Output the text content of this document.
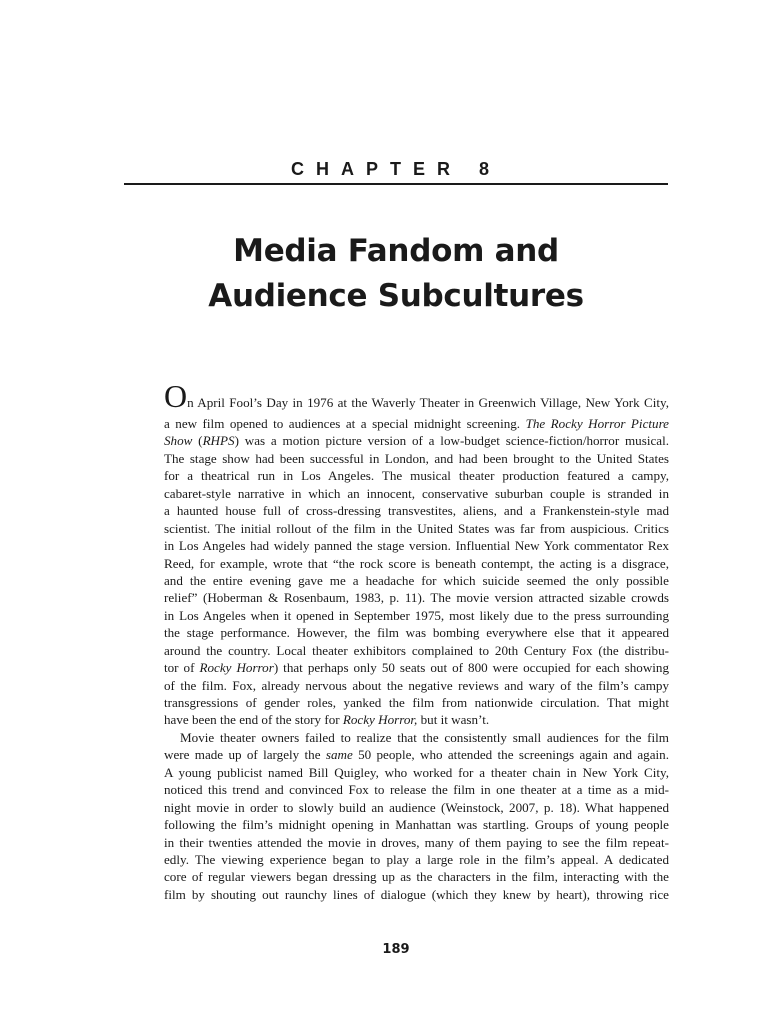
CHAPTER 8
Media Fandom and
Audience Subcultures
On April Fool’s Day in 1976 at the Waverly Theater in Greenwich Village, New York City,
a new film opened to audiences at a special midnight screening. The Rocky Horror Picture
Show (RHPS) was a motion picture version of a low-budget science-fiction/horror musical.
The stage show had been successful in London, and had been brought to the United States
for a theatrical run in Los Angeles. The musical theater production featured a campy,
cabaret-style narrative in which an innocent, conservative suburban couple is stranded in
a haunted house full of cross-dressing transvestites, aliens, and a Frankenstein-style mad
scientist. The initial rollout of the film in the United States was far from auspicious. Critics
in Los Angeles had widely panned the stage version. Influential New York commentator Rex
Reed, for example, wrote that “the rock score is beneath contempt, the acting is a disgrace,
and the entire evening gave me a headache for which suicide seemed the only possible
relief” (Hoberman & Rosenbaum, 1983, p. 11). The movie version attracted sizable crowds
in Los Angeles when it opened in September 1975, most likely due to the press surrounding
the stage performance. However, the film was bombing everywhere else that it appeared
around the country. Local theater exhibitors complained to 20th Century Fox (the distribu-
tor of Rocky Horror) that perhaps only 50 seats out of 800 were occupied for each showing
of the film. Fox, already nervous about the negative reviews and wary of the film’s campy
transgressions of gender roles, yanked the film from nationwide circulation. That might
have been the end of the story for Rocky Horror, but it wasn’t.
Movie theater owners failed to realize that the consistently small audiences for the film
were made up of largely the same 50 people, who attended the screenings again and again.
A young publicist named Bill Quigley, who worked for a theater chain in New York City,
noticed this trend and convinced Fox to release the film in one theater at a time as a mid-
night movie in order to slowly build an audience (Weinstock, 2007, p. 18). What happened
following the film’s midnight opening in Manhattan was startling. Groups of young people
in their twenties attended the movie in droves, many of them paying to see the film repeat-
edly. The viewing experience began to play a large role in the film’s appeal. A dedicated
core of regular viewers began dressing up as the characters in the film, interacting with the
film by shouting out raunchy lines of dialogue (which they knew by heart), throwing rice
189
